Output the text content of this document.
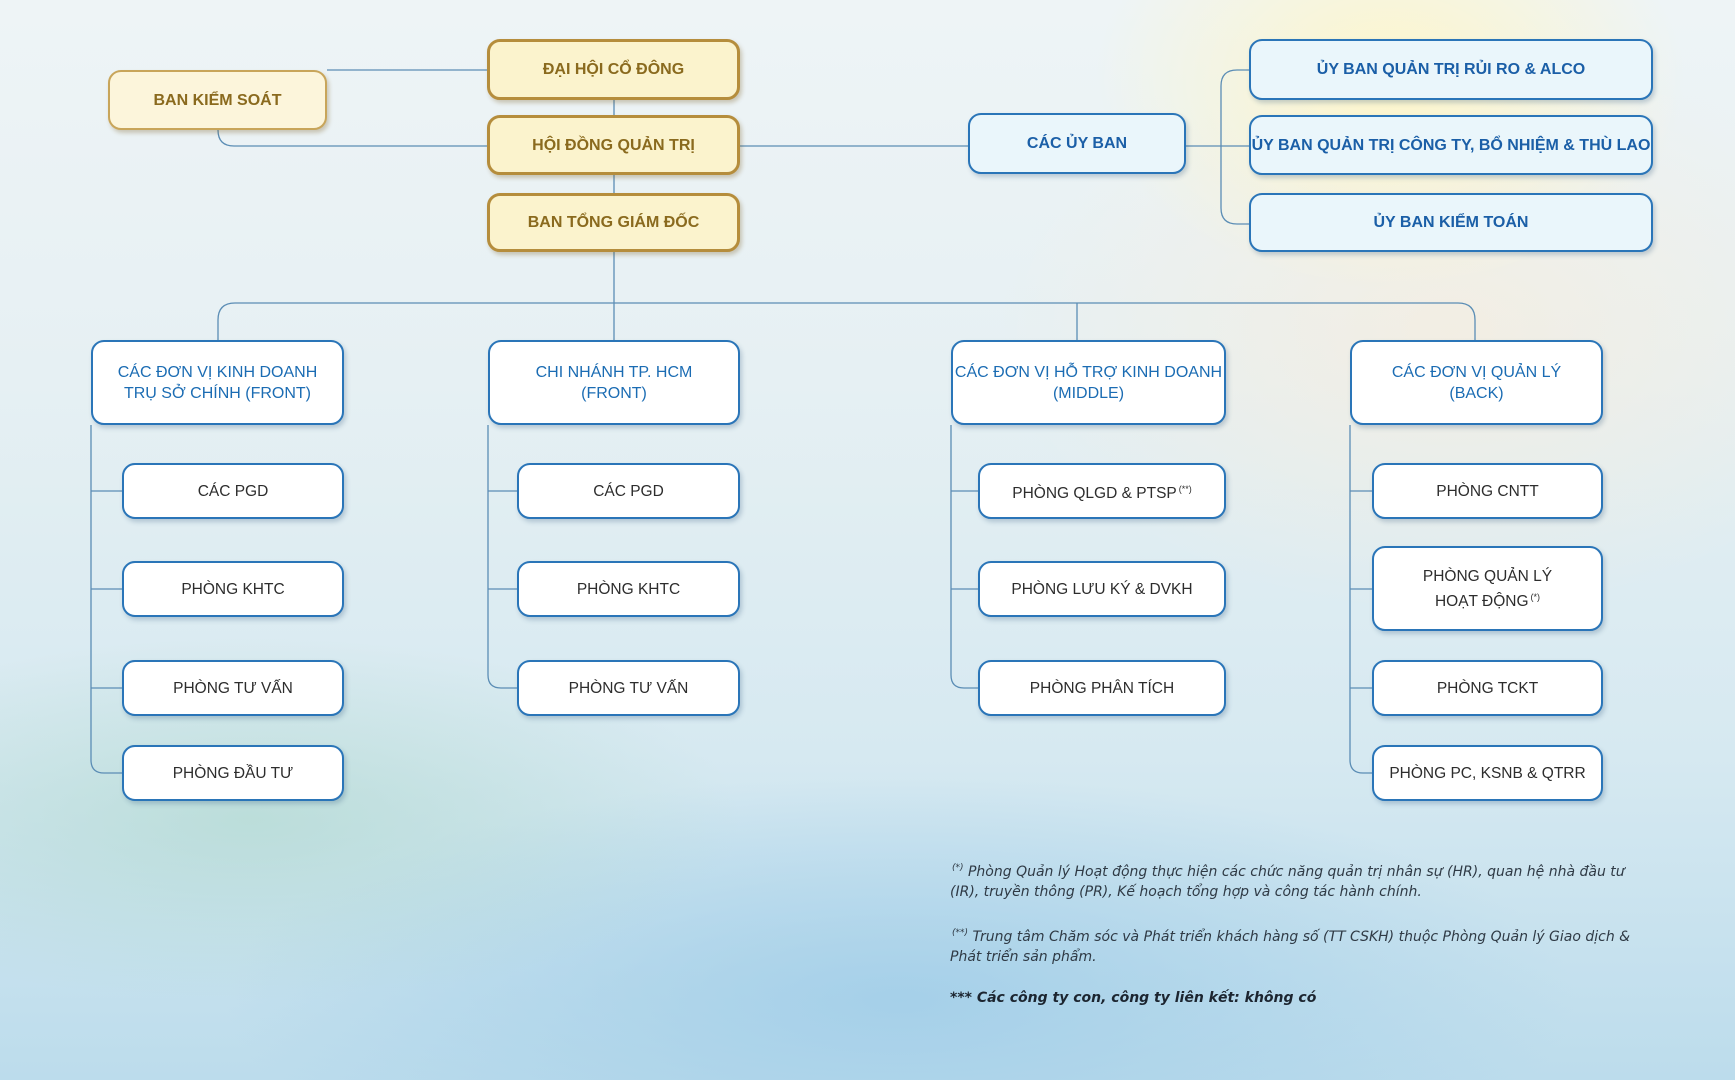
ĐẠI HỘI CỔ ĐÔNG
BAN KIỂM SOÁT
HỘI ĐỒNG QUẢN TRỊ
BAN TỔNG GIÁM ĐỐC
CÁC ỦY BAN
ỦY BAN QUẢN TRỊ RỦI RO & ALCO
ỦY BAN QUẢN TRỊ CÔNG TY, BỔ NHIỆM & THÙ LAO
ỦY BAN KIỂM TOÁN
CÁC ĐƠN VỊ KINH DOANH
TRỤ SỞ CHÍNH (FRONT)
CÁC PGD
PHÒNG KHTC
PHÒNG TƯ VẤN
PHÒNG ĐẦU TƯ
CHI NHÁNH TP. HCM
(FRONT)
CÁC PGD
PHÒNG KHTC
PHÒNG TƯ VẤN
CÁC ĐƠN VỊ HỖ TRỢ KINH DOANH
(MIDDLE)
PHÒNG QLGD & PTSP (**)
PHÒNG LƯU KÝ & DVKH
PHÒNG PHÂN TÍCH
CÁC ĐƠN VỊ QUẢN LÝ
(BACK)
PHÒNG CNTT
PHÒNG QUẢN LÝ
HOẠT ĐỘNG (*)
PHÒNG TCKT
PHÒNG PC, KSNB & QTRR

(*) Phòng Quản lý Hoạt động thực hiện các chức năng quản trị nhân sự (HR), quan hệ nhà đầu tư (IR), truyền thông (PR), Kế hoạch tổng hợp và công tác hành chính.

(**) Trung tâm Chăm sóc và Phát triển khách hàng số (TT CSKH) thuộc Phòng Quản lý Giao dịch & Phát triển sản phẩm.

*** Các công ty con, công ty liên kết: không có
